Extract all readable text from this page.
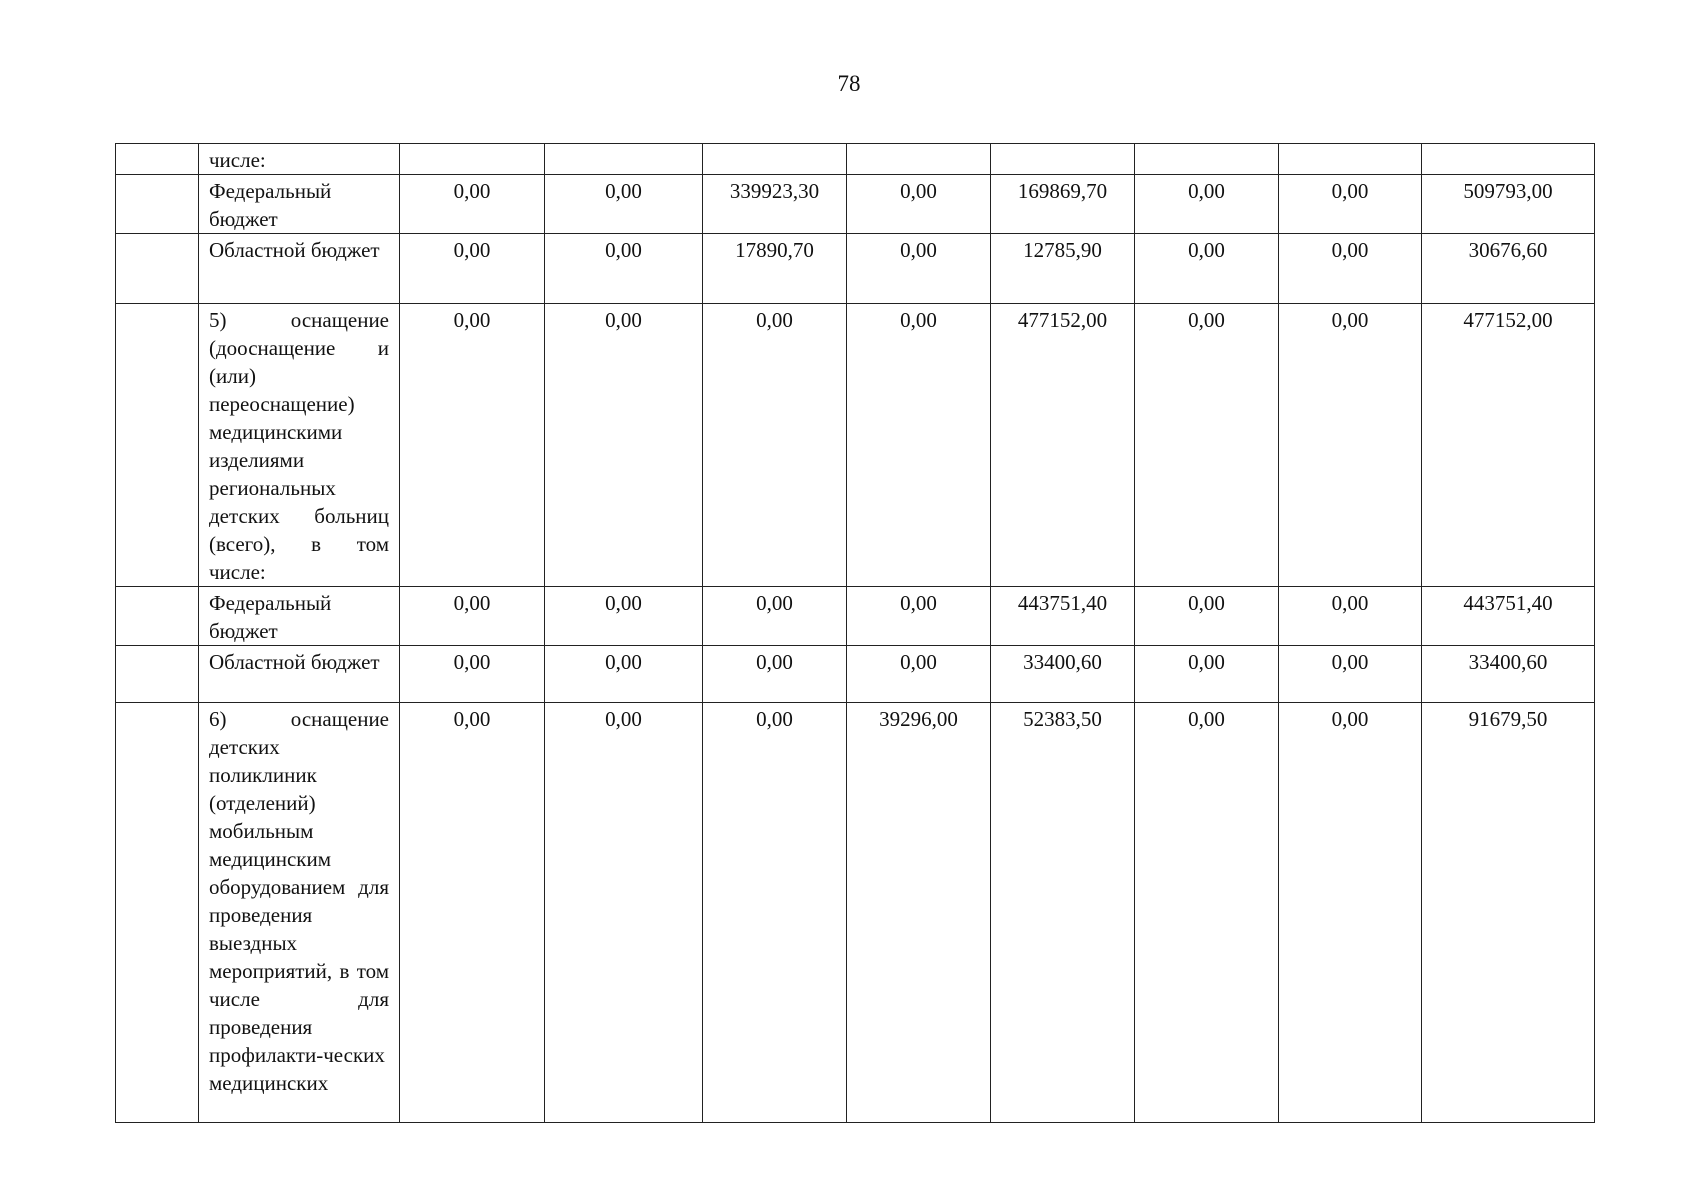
78

	числе:								

	Федеральный бюджет	0,00	0,00	339923,30	0,00	169869,70	0,00	0,00	509793,00

	Областной бюджет	0,00	0,00	17890,70	0,00	12785,90	0,00	0,00	30676,60

	5) оснащение (дооснащение и (или) переоснащение) медицинскими изделиями региональных детских больниц (всего), в том числе:	0,00	0,00	0,00	0,00	477152,00	0,00	0,00	477152,00

	Федеральный бюджет	0,00	0,00	0,00	0,00	443751,40	0,00	0,00	443751,40

	Областной бюджет	0,00	0,00	0,00	0,00	33400,60	0,00	0,00	33400,60

	6) оснащение детских поликлиник (отделений) мобильным медицинским оборудованием для проведения выездных мероприятий, в том числе для проведения профилакти-ческих медицинских	0,00	0,00	0,00	39296,00	52383,50	0,00	0,00	91679,50
